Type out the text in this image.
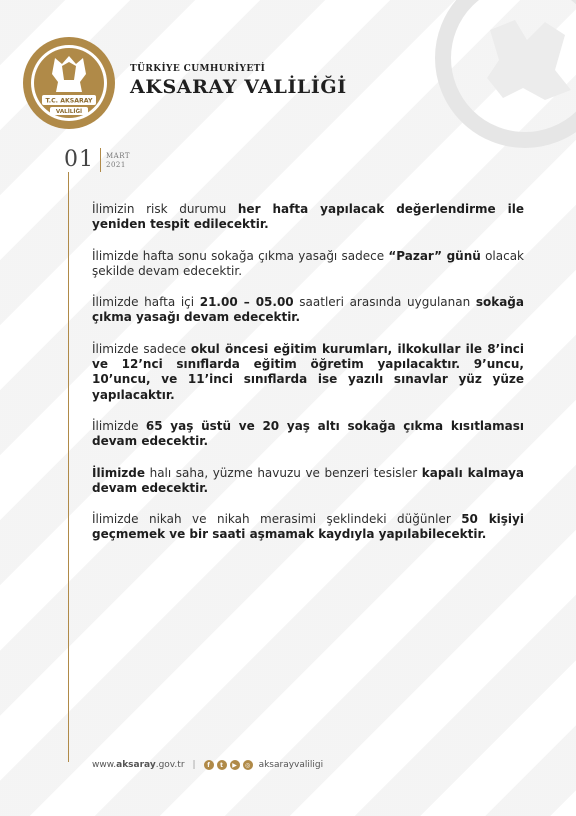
T.C. AKSARAY
VALİLİĞİ
TÜRKİYE CUMHURİYETİ
AKSARAY VALİLİĞİ
01	MART
2021

İlimizin risk durumu her hafta yapılacak değerlendirme ile yeniden tespit edilecektir.

İlimizde hafta sonu sokağa çıkma yasağı sadece “Pazar” günü olacak şekilde devam edecektir.

İlimizde hafta içi 21.00 – 05.00 saatleri arasında uygulanan sokağa çıkma yasağı devam edecektir.

İlimizde sadece okul öncesi eğitim kurumları, ilkokullar ile 8’inci ve 12’nci sınıflarda eğitim öğretim yapılacaktır. 9’uncu, 10’uncu, ve 11’inci sınıflarda ise yazılı sınavlar yüz yüze yapılacaktır.

İlimizde 65 yaş üstü ve 20 yaş altı sokağa çıkma kısıtlaması devam edecektir.

İlimizde halı saha, yüzme havuzu ve benzeri tesisler kapalı kalmaya devam edecektir.

İlimizde nikah ve nikah merasimi şeklindeki düğünler 50 kişiyi geçmemek ve bir saati aşmamak kaydıyla yapılabilecektir.

www.aksaray.gov.tr |	f	t	▶	◎ aksarayvaliligi
